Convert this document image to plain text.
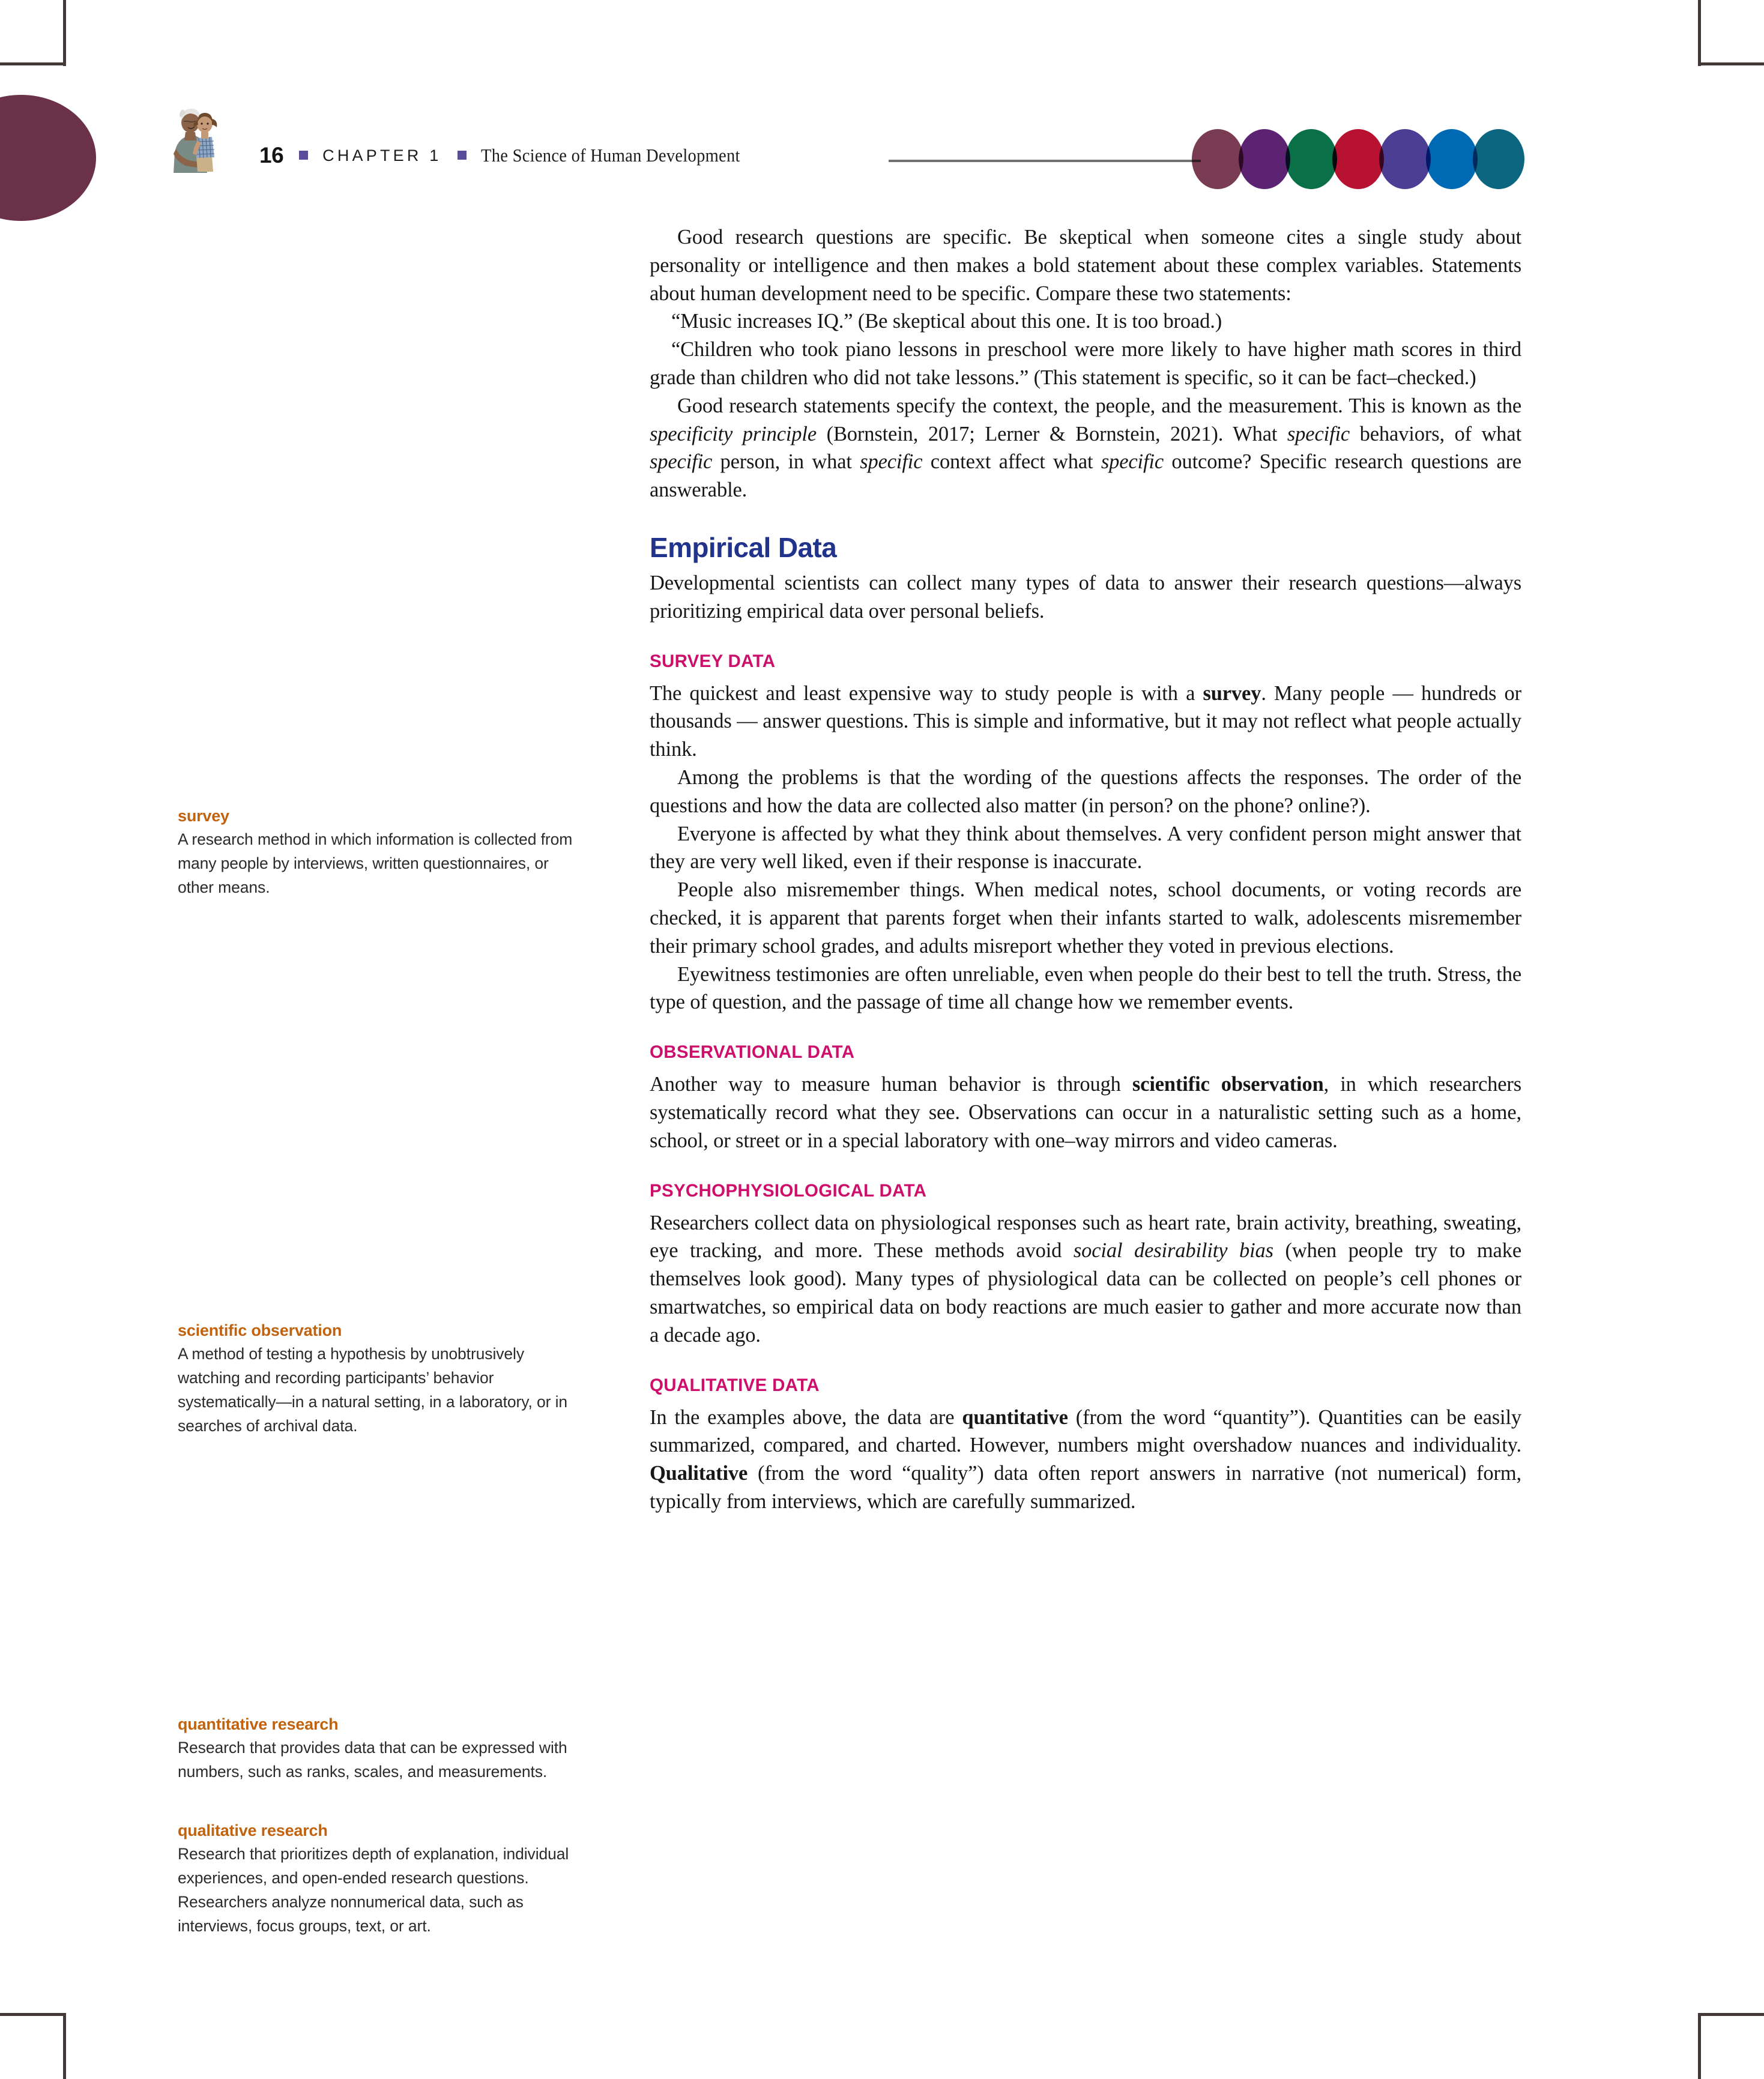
16 CHAPTER 1 The Science of Human Development
survey
A research method in which information is collected from many people by interviews, written questionnaires, or other means.
scientific observation
A method of testing a hypothesis by unobtrusively watching and recording participants’ behavior systematically—in a natural setting, in a laboratory, or in searches of archival data.
quantitative research
Research that provides data that can be expressed with numbers, such as ranks, scales, and measurements.
qualitative research
Research that prioritizes depth of explanation, individual experiences, and open-ended research questions. Researchers analyze nonnumerical data, such as interviews, focus groups, text, or art.

Good research questions are specific. Be skeptical when someone cites a single study about personality or intelligence and then makes a bold statement about these complex variables. Statements about human development need to be specific. Compare these two statements:

“Music increases IQ.” (Be skeptical about this one. It is too broad.)

“Children who took piano lessons in preschool were more likely to have higher math scores in third grade than children who did not take lessons.” (This statement is specific, so it can be fact–checked.)

Good research statements specify the context, the people, and the measurement. This is known as the specificity principle (Bornstein, 2017; Lerner & Bornstein, 2021). What specific behaviors, of what specific person, in what specific context affect what specific outcome? Specific research questions are answerable.

Empirical Data

Developmental scientists can collect many types of data to answer their research questions—always prioritizing empirical data over personal beliefs.

SURVEY DATA

The quickest and least expensive way to study people is with a survey. Many people — hundreds or thousands — answer questions. This is simple and informative, but it may not reflect what people actually think.

Among the problems is that the wording of the questions affects the responses. The order of the questions and how the data are collected also matter (in person? on the phone? online?).

Everyone is affected by what they think about themselves. A very confident person might answer that they are very well liked, even if their response is inaccurate.

People also misremember things. When medical notes, school documents, or voting records are checked, it is apparent that parents forget when their infants started to walk, adolescents misremember their primary school grades, and adults misreport whether they voted in previous elections.

Eyewitness testimonies are often unreliable, even when people do their best to tell the truth. Stress, the type of question, and the passage of time all change how we remember events.

OBSERVATIONAL DATA

Another way to measure human behavior is through scientific observation, in which researchers systematically record what they see. Observations can occur in a naturalistic setting such as a home, school, or street or in a special laboratory with one–way mirrors and video cameras.

PSYCHOPHYSIOLOGICAL DATA

Researchers collect data on physiological responses such as heart rate, brain activity, breathing, sweating, eye tracking, and more. These methods avoid social desirability bias (when people try to make themselves look good). Many types of physiological data can be collected on people’s cell phones or smartwatches, so empirical data on body reactions are much easier to gather and more accurate now than a decade ago.

QUALITATIVE DATA

In the examples above, the data are quantitative (from the word “quantity”). Quantities can be easily summarized, compared, and charted. However, numbers might overshadow nuances and individuality. Qualitative (from the word “quality”) data often report answers in narrative (not numerical) form, typically from interviews, which are carefully summarized.
